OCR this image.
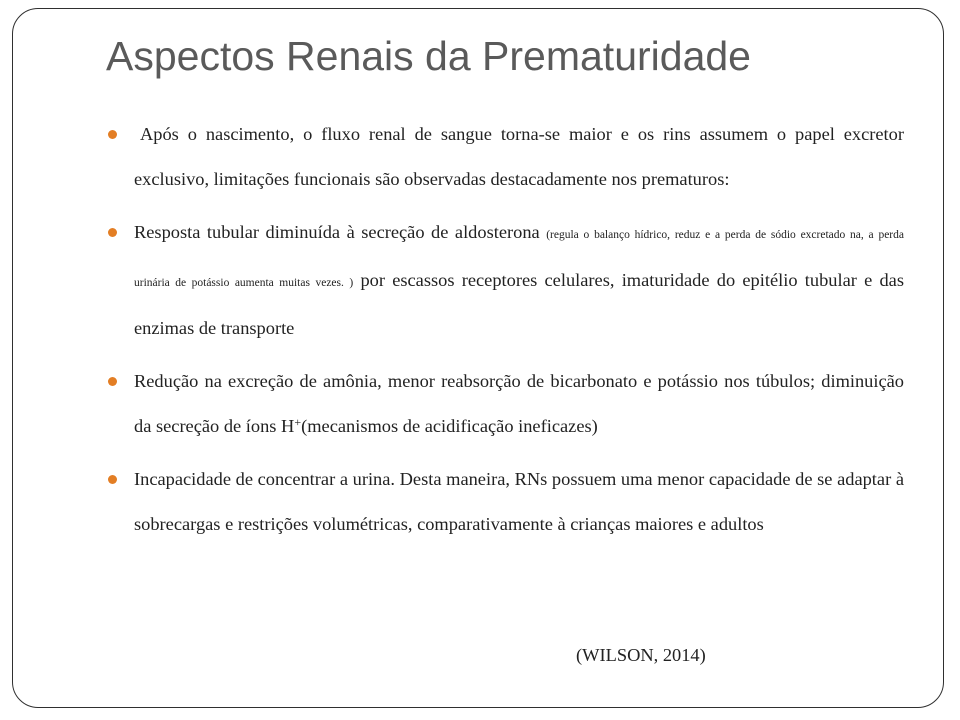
Aspectos Renais da Prematuridade
Após o nascimento, o fluxo renal de sangue torna-se maior e os rins assumem o papel excretor exclusivo, limitações funcionais são observadas destacadamente nos prematuros:
Resposta tubular diminuída à secreção de aldosterona (regula o balanço hídrico, reduz e a perda de sódio excretado na, a perda urinária de potássio aumenta muitas vezes. ) por escassos receptores celulares, imaturidade do epitélio tubular e das enzimas de transporte
Redução na excreção de amônia, menor reabsorção de bicarbonato e potássio nos túbulos; diminuição da secreção de íons H+(mecanismos de acidificação ineficazes)
Incapacidade de concentrar a urina. Desta maneira, RNs possuem uma menor capacidade de se adaptar à sobrecargas e restrições volumétricas, comparativamente à crianças maiores e adultos

(WILSON, 2014)
